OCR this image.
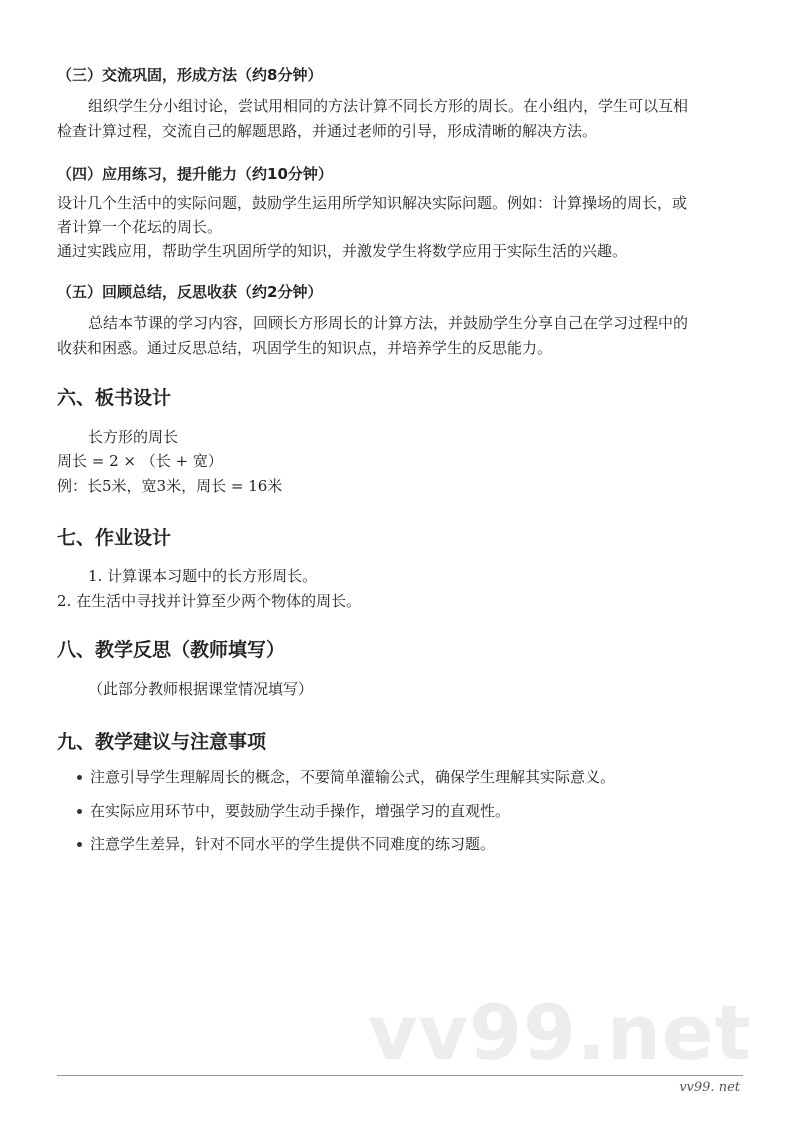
（三）交流巩固，形成方法（约8分钟）
组织学生分小组讨论，尝试用相同的方法计算不同长方形的周长。在小组内，学生可以互相
检查计算过程，交流自己的解题思路，并通过老师的引导，形成清晰的解决方法。
（四）应用练习，提升能力（约10分钟）
设计几个生活中的实际问题，鼓励学生运用所学知识解决实际问题。例如：计算操场的周长，或
者计算一个花坛的周长。
通过实践应用，帮助学生巩固所学的知识，并激发学生将数学应用于实际生活的兴趣。
（五）回顾总结，反思收获（约2分钟）
总结本节课的学习内容，回顾长方形周长的计算方法，并鼓励学生分享自己在学习过程中的
收获和困惑。通过反思总结，巩固学生的知识点，并培养学生的反思能力。
六、板书设计
长方形的周长
周长 = 2 × （长 + 宽）
例：长5米，宽3米，周长 = 16米
七、作业设计
1. 计算课本习题中的长方形周长。
2. 在生活中寻找并计算至少两个物体的周长。
八、教学反思（教师填写）
（此部分教师根据课堂情况填写）
九、教学建议与注意事项
注意引导学生理解周长的概念，不要简单灌输公式，确保学生理解其实际意义。
在实际应用环节中，要鼓励学生动手操作，增强学习的直观性。
注意学生差异，针对不同水平的学生提供不同难度的练习题。
vv99.net
vv99. net
